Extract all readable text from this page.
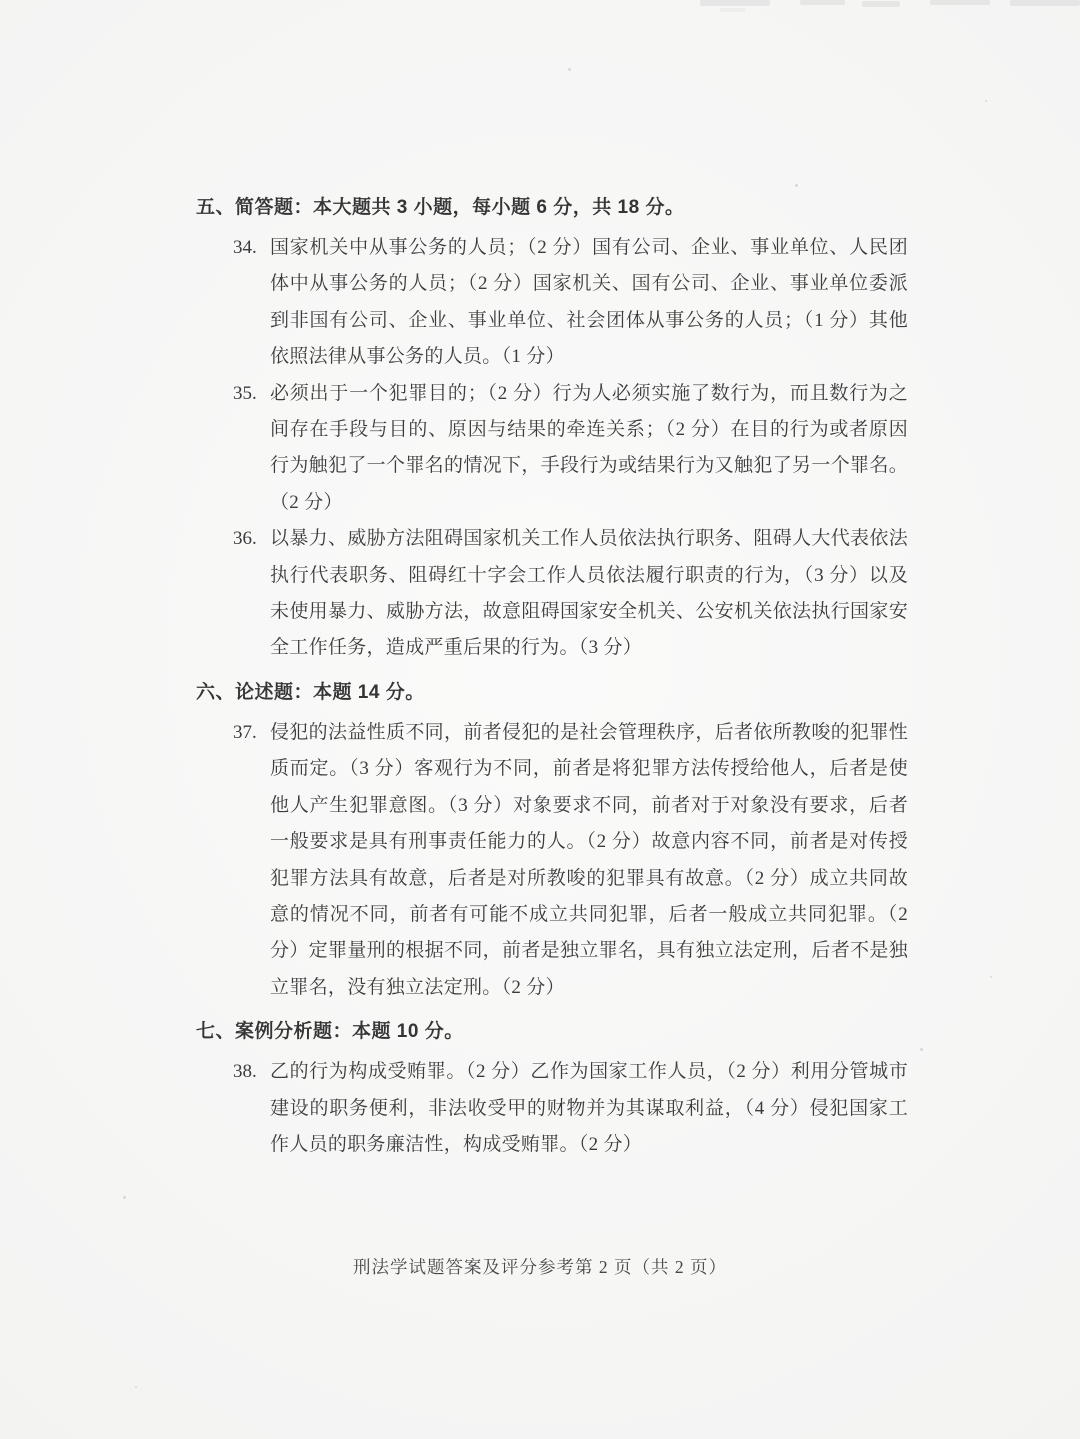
五、简答题：本大题共 3 小题，每小题 6 分，共 18 分。
34. 国家机关中从事公务的人员；（2 分）国有公司、企业、事业单位、人民团体中从事公务的人员；（2 分）国家机关、国有公司、企业、事业单位委派到非国有公司、企业、事业单位、社会团体从事公务的人员；（1 分）其他依照法律从事公务的人员。（1 分）
35. 必须出于一个犯罪目的；（2 分）行为人必须实施了数行为，而且数行为之间存在手段与目的、原因与结果的牵连关系；（2 分）在目的行为或者原因行为触犯了一个罪名的情况下，手段行为或结果行为又触犯了另一个罪名。（2 分）
36. 以暴力、威胁方法阻碍国家机关工作人员依法执行职务、阻碍人大代表依法执行代表职务、阻碍红十字会工作人员依法履行职责的行为，（3 分）以及未使用暴力、威胁方法，故意阻碍国家安全机关、公安机关依法执行国家安全工作任务，造成严重后果的行为。（3 分）
六、论述题：本题 14 分。
37. 侵犯的法益性质不同，前者侵犯的是社会管理秩序，后者依所教唆的犯罪性质而定。（3 分）客观行为不同，前者是将犯罪方法传授给他人，后者是使他人产生犯罪意图。（3 分）对象要求不同，前者对于对象没有要求，后者一般要求是具有刑事责任能力的人。（2 分）故意内容不同，前者是对传授犯罪方法具有故意，后者是对所教唆的犯罪具有故意。（2 分）成立共同故意的情况不同，前者有可能不成立共同犯罪，后者一般成立共同犯罪。（2 分）定罪量刑的根据不同，前者是独立罪名，具有独立法定刑，后者不是独立罪名，没有独立法定刑。（2 分）
七、案例分析题：本题 10 分。
38. 乙的行为构成受贿罪。（2 分）乙作为国家工作人员，（2 分）利用分管城市建设的职务便利，非法收受甲的财物并为其谋取利益，（4 分）侵犯国家工作人员的职务廉洁性，构成受贿罪。（2 分）
刑法学试题答案及评分参考第 2 页（共 2 页）
